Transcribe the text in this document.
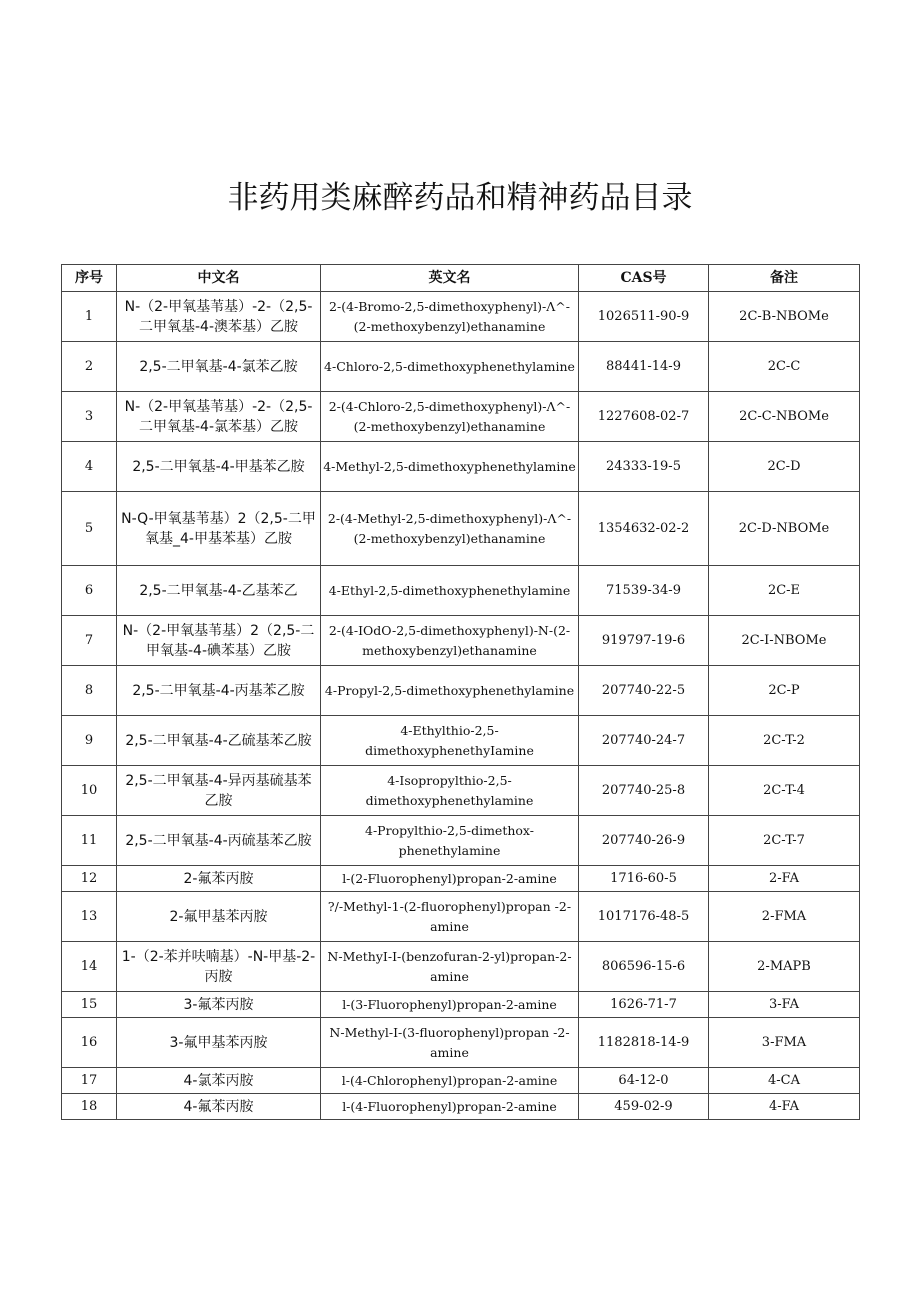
非药用类麻醉药品和精神药品目录
序号	中文名	英文名	CAS号	备注
1	N-（2-甲氧基苇基）-2-（2,5-二甲氧基-4-澳苯基）乙胺	2-(4-Bromo-2,5-dimethoxyphenyl)-Λ^-(2-methoxybenzyl)ethanamine	1026511-90-9	2C-B-NBOMe
2	2,5-二甲氧基-4-氯苯乙胺	4-Chloro-2,5-dimethoxyphenethylamine	88441-14-9	2C-C
3	N-（2-甲氧基苇基）-2-（2,5-二甲氧基-4-氯苯基）乙胺	2-(4-Chloro-2,5-dimethoxyphenyl)-Λ^-(2-methoxybenzyl)ethanamine	1227608-02-7	2C-C-NBOMe
4	2,5-二甲氧基-4-甲基苯乙胺	4-Methyl-2,5-dimethoxyphenethylamine	24333-19-5	2C-D
5	N-Q-甲氧基苇基）2（2,5-二甲氧基_4-甲基苯基）乙胺	2-(4-Methyl-2,5-dimethoxyphenyl)-Λ^-(2-methoxybenzyl)ethanamine	1354632-02-2	2C-D-NBOMe
6	2,5-二甲氧基-4-乙基苯乙	4-Ethyl-2,5-dimethoxyphenethylamine	71539-34-9	2C-E
7	N-（2-甲氧基苇基）2（2,5-二甲氧基-4-碘苯基）乙胺	2-(4-IOdO-2,5-dimethoxyphenyl)-N-(2-methoxybenzyl)ethanamine	919797-19-6	2C-I-NBOMe
8	2,5-二甲氧基-4-丙基苯乙胺	4-Propyl-2,5-dimethoxyphenethylamine	207740-22-5	2C-P
9	2,5-二甲氧基-4-乙硫基苯乙胺	4-Ethylthio-2,5-dimethoxyphenethyIamine	207740-24-7	2C-T-2
10	2,5-二甲氧基-4-异丙基硫基苯乙胺	4-Isopropylthio-2,5-dimethoxyphenethylamine	207740-25-8	2C-T-4
11	2,5-二甲氧基-4-丙硫基苯乙胺	4-Propylthio-2,5-dimethox-phenethylamine	207740-26-9	2C-T-7
12	2-氟苯丙胺	l-(2-Fluorophenyl)propan-2-amine	1716-60-5	2-FA
13	2-氟甲基苯丙胺	?/-Methyl-1-(2-fluorophenyl)propan -2-amine	1017176-48-5	2-FMA
14	1-（2-苯并呋喃基）-N-甲基-2-丙胺	N-MethyI-I-(benzofuran-2-yl)propan-2-amine	806596-15-6	2-MAPB
15	3-氟苯丙胺	l-(3-Fluorophenyl)propan-2-amine	1626-71-7	3-FA
16	3-氟甲基苯丙胺	N-Methyl-I-(3-fluorophenyl)propan -2-amine	1182818-14-9	3-FMA
17	4-氯苯丙胺	l-(4-Chlorophenyl)propan-2-amine	64-12-0	4-CA
18	4-氟苯丙胺	l-(4-Fluorophenyl)propan-2-amine	459-02-9	4-FA
